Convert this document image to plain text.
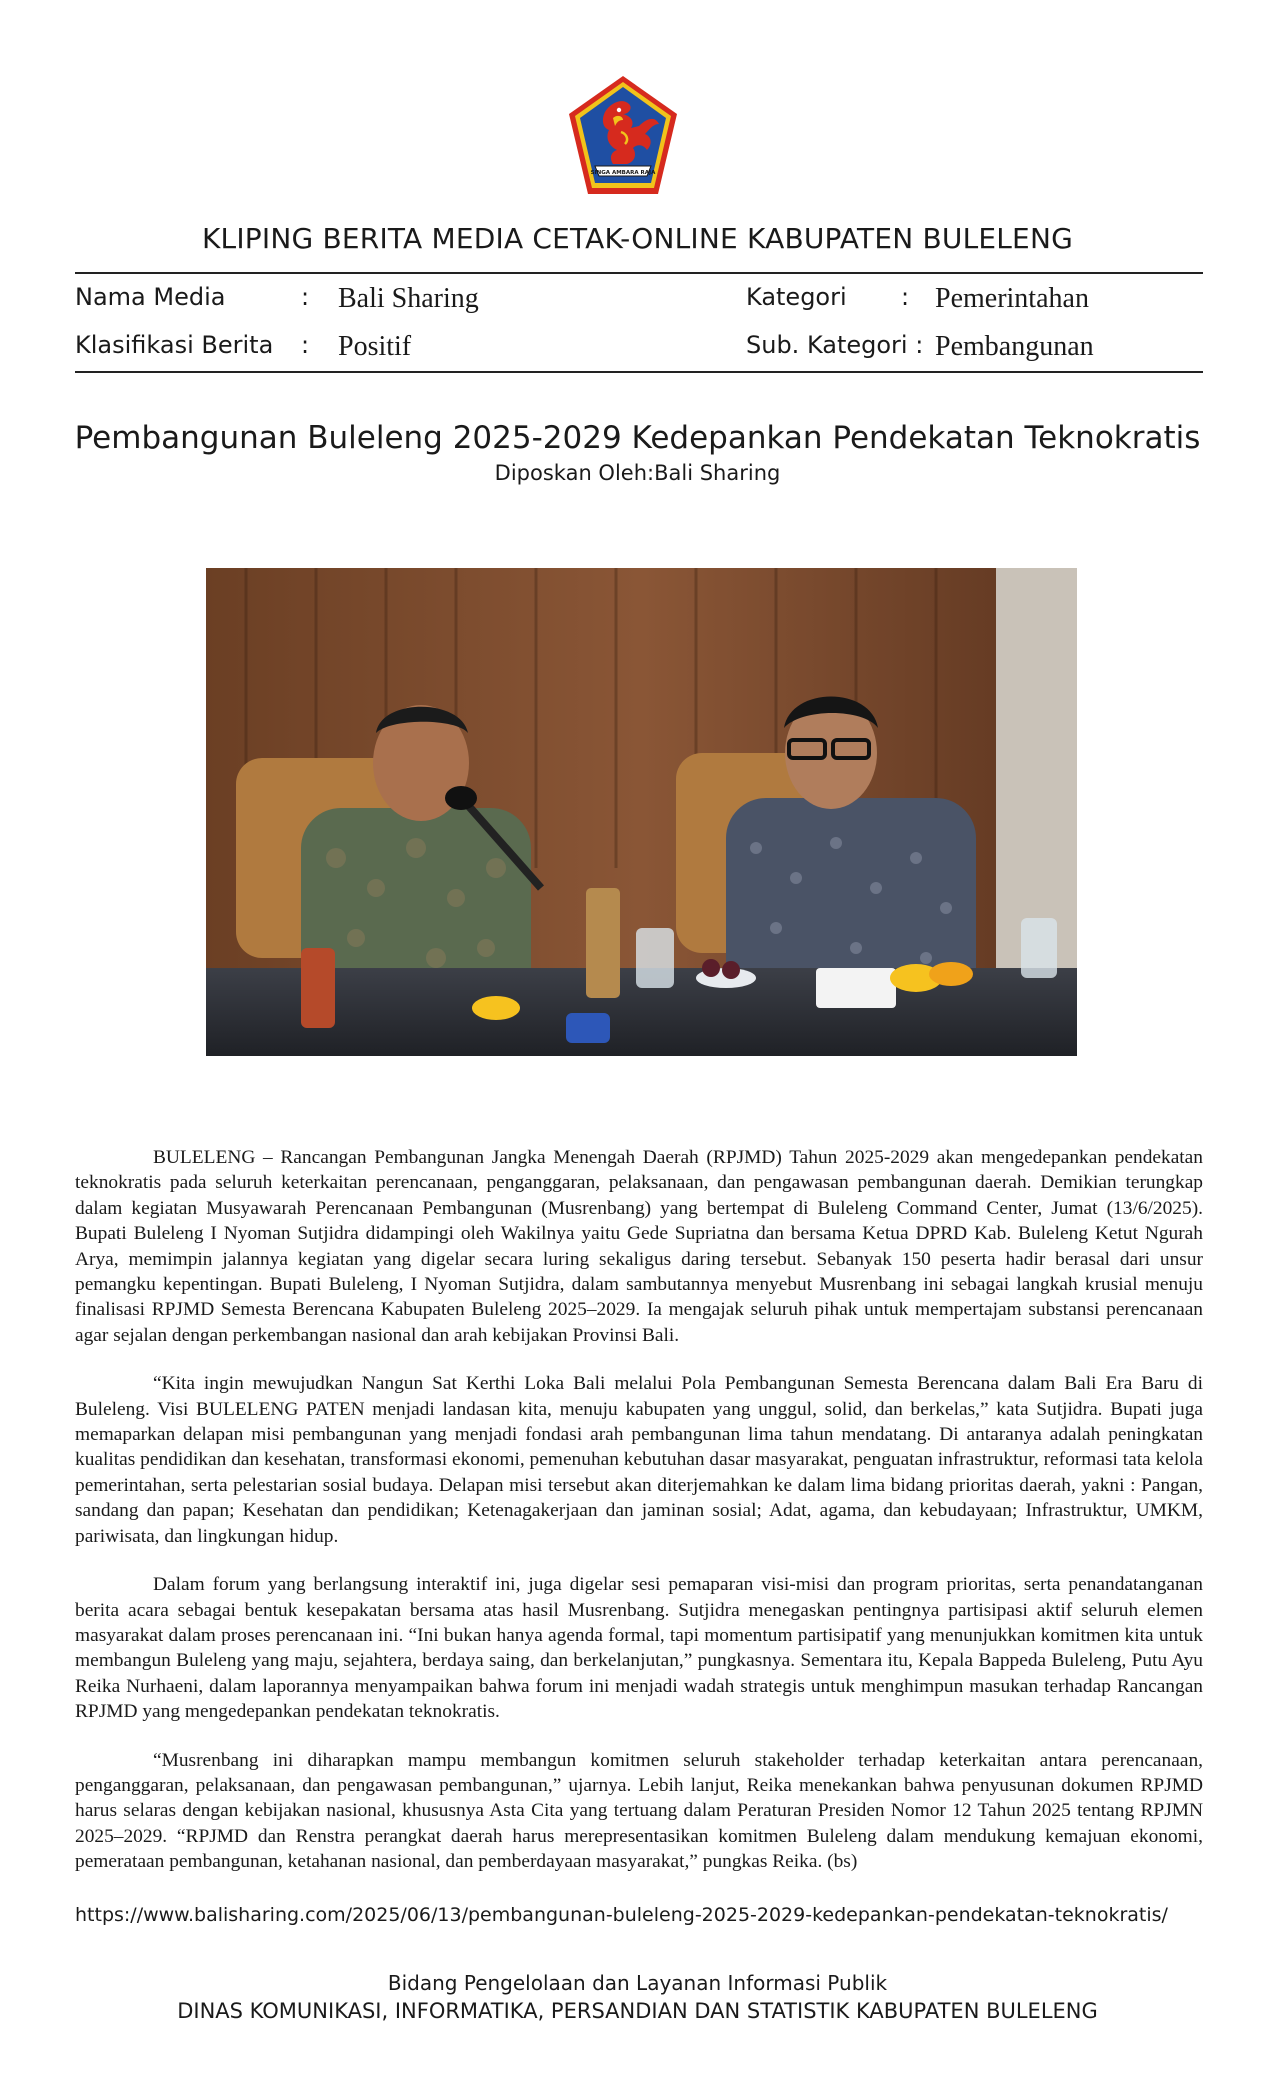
SINGA AMBARA RAJA
KLIPING BERITA MEDIA CETAK-ONLINE KABUPATEN BULELENG
Nama Media	: Bali Sharing
Klasifikasi Berita : Positif
Kategori : Pemerintahan
Sub. Kategori : Pembangunan
Pembangunan Buleleng 2025-2029 Kedepankan Pendekatan Teknokratis
Diposkan Oleh:Bali Sharing

BULELENG – Rancangan Pembangunan Jangka Menengah Daerah (RPJMD) Tahun 2025-2029 akan mengedepankan pendekatan teknokratis pada seluruh keterkaitan perencanaan, penganggaran, pelaksanaan, dan pengawasan pembangunan daerah. Demikian terungkap dalam kegiatan Musyawarah Perencanaan Pembangunan (Musrenbang) yang bertempat di Buleleng Command Center, Jumat (13/6/2025). Bupati Buleleng I Nyoman Sutjidra didampingi oleh Wakilnya yaitu Gede Supriatna dan bersama Ketua DPRD Kab. Buleleng Ketut Ngurah Arya, memimpin jalannya kegiatan yang digelar secara luring sekaligus daring tersebut. Sebanyak 150 peserta hadir berasal dari unsur pemangku kepentingan. Bupati Buleleng, I Nyoman Sutjidra, dalam sambutannya menyebut Musrenbang ini sebagai langkah krusial menuju finalisasi RPJMD Semesta Berencana Kabupaten Buleleng 2025–2029. Ia mengajak seluruh pihak untuk mempertajam substansi perencanaan agar sejalan dengan perkembangan nasional dan arah kebijakan Provinsi Bali.

“Kita ingin mewujudkan Nangun Sat Kerthi Loka Bali melalui Pola Pembangunan Semesta Berencana dalam Bali Era Baru di Buleleng. Visi BULELENG PATEN menjadi landasan kita, menuju kabupaten yang unggul, solid, dan berkelas,” kata Sutjidra. Bupati juga memaparkan delapan misi pembangunan yang menjadi fondasi arah pembangunan lima tahun mendatang. Di antaranya adalah peningkatan kualitas pendidikan dan kesehatan, transformasi ekonomi, pemenuhan kebutuhan dasar masyarakat, penguatan infrastruktur, reformasi tata kelola pemerintahan, serta pelestarian sosial budaya. Delapan misi tersebut akan diterjemahkan ke dalam lima bidang prioritas daerah, yakni : Pangan, sandang dan papan; Kesehatan dan pendidikan; Ketenagakerjaan dan jaminan sosial; Adat, agama, dan kebudayaan; Infrastruktur, UMKM, pariwisata, dan lingkungan hidup.

Dalam forum yang berlangsung interaktif ini, juga digelar sesi pemaparan visi-misi dan program prioritas, serta penandatanganan berita acara sebagai bentuk kesepakatan bersama atas hasil Musrenbang. Sutjidra menegaskan pentingnya partisipasi aktif seluruh elemen masyarakat dalam proses perencanaan ini. “Ini bukan hanya agenda formal, tapi momentum partisipatif yang menunjukkan komitmen kita untuk membangun Buleleng yang maju, sejahtera, berdaya saing, dan berkelanjutan,” pungkasnya. Sementara itu, Kepala Bappeda Buleleng, Putu Ayu Reika Nurhaeni, dalam laporannya menyampaikan bahwa forum ini menjadi wadah strategis untuk menghimpun masukan terhadap Rancangan RPJMD yang mengedepankan pendekatan teknokratis.

“Musrenbang ini diharapkan mampu membangun komitmen seluruh stakeholder terhadap keterkaitan antara perencanaan, penganggaran, pelaksanaan, dan pengawasan pembangunan,” ujarnya. Lebih lanjut, Reika menekankan bahwa penyusunan dokumen RPJMD harus selaras dengan kebijakan nasional, khususnya Asta Cita yang tertuang dalam Peraturan Presiden Nomor 12 Tahun 2025 tentang RPJMN 2025–2029. “RPJMD dan Renstra perangkat daerah harus merepresentasikan komitmen Buleleng dalam mendukung kemajuan ekonomi, pemerataan pembangunan, ketahanan nasional, dan pemberdayaan masyarakat,” pungkas Reika. (bs)

https://www.balisharing.com/2025/06/13/pembangunan-buleleng-2025-2029-kedepankan-pendekatan-teknokratis/
Bidang Pengelolaan dan Layanan Informasi Publik
DINAS KOMUNIKASI, INFORMATIKA, PERSANDIAN DAN STATISTIK KABUPATEN BULELENG
